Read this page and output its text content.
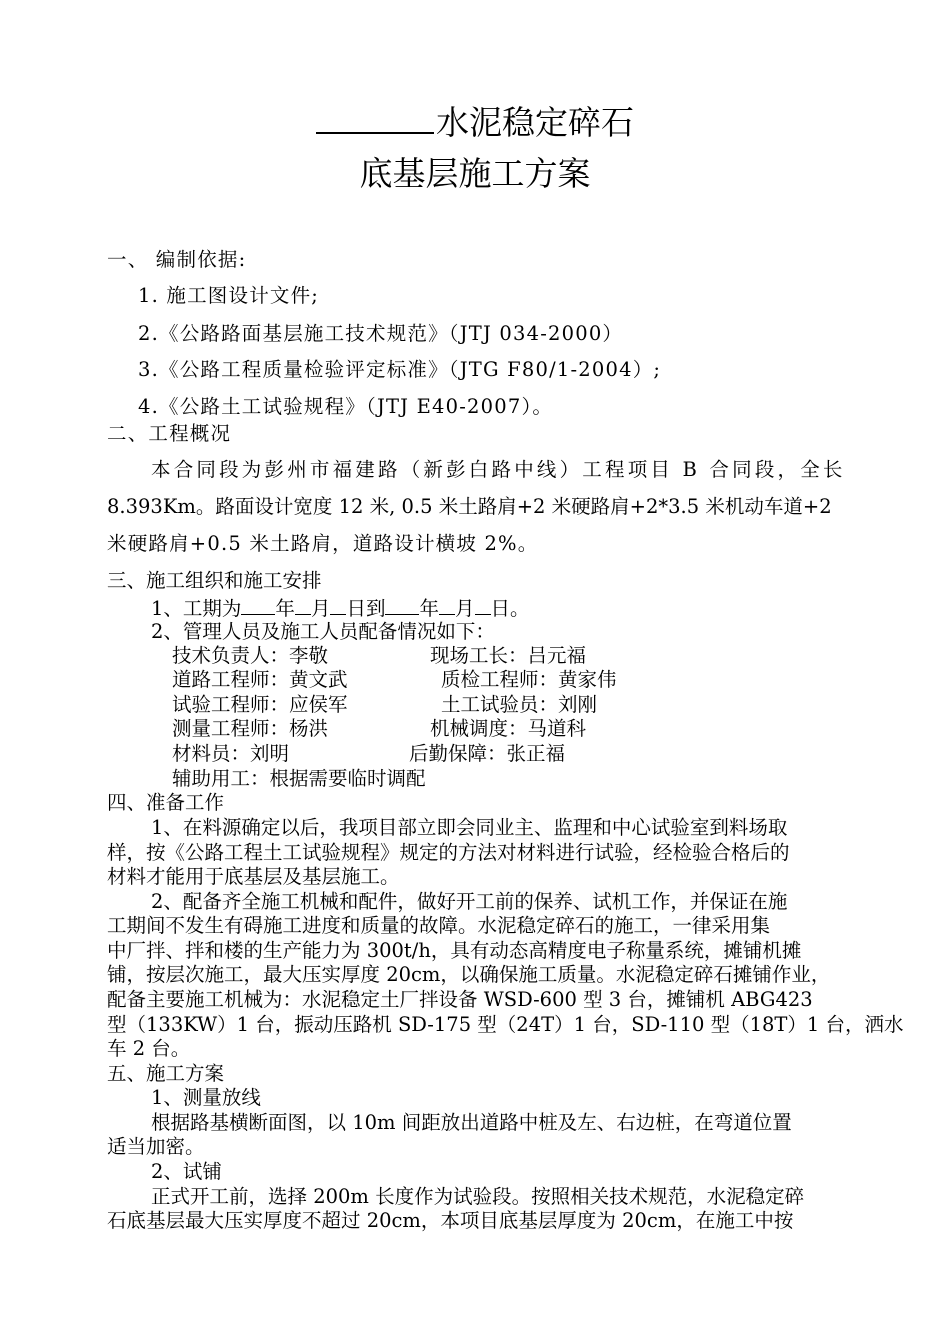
水泥稳定碎石
底基层施工方案
一、 编制依据:
1. 施工图设计文件;
2.《公路路面基层施工技术规范》（JTJ 034-2000）
3.《公路工程质量检验评定标准》（JTG F80/1-2004）;
4.《公路土工试验规程》（JTJ E40-2007）。
二、工程概况
本合同段为彭州市福建路（新彭白路中线）工程项目 B 合同段，全长
8.393Km。路面设计宽度 12 米, 0.5 米土路肩+2 米硬路肩+2*3.5 米机动车道+2
米硬路肩+0.5 米土路肩，道路设计横坡 2%。
三、施工组织和施工安排
1、工期为 年 月 日到 年 月 日。
2、管理人员及施工人员配备情况如下：
技术负责人：李敬	现场工长：吕元福
道路工程师：黄文武	质检工程师：黄家伟
试验工程师：应侯军	土工试验员：刘刚
测量工程师：杨洪	机械调度：马道科
材料员：刘明	后勤保障：张正福
辅助用工：根据需要临时调配
四、准备工作
1、在料源确定以后，我项目部立即会同业主、监理和中心试验室到料场取
样，按《公路工程土工试验规程》规定的方法对材料进行试验，经检验合格后的
材料才能用于底基层及基层施工。
2、配备齐全施工机械和配件，做好开工前的保养、试机工作，并保证在施
工期间不发生有碍施工进度和质量的故障。水泥稳定碎石的施工，一律采用集
中厂拌、拌和楼的生产能力为 300t/h，具有动态高精度电子称量系统，摊铺机摊
铺，按层次施工，最大压实厚度 20cm，以确保施工质量。水泥稳定碎石摊铺作业，
配备主要施工机械为：水泥稳定土厂拌设备 WSD-600 型 3 台，摊铺机 ABG423
型（133KW）1 台，振动压路机 SD-175 型（24T）1 台，SD-110 型（18T）1 台，洒水
车 2 台。
五、施工方案
1、测量放线
根据路基横断面图，以 10m 间距放出道路中桩及左、右边桩，在弯道位置
适当加密。
2、试铺
正式开工前，选择 200m 长度作为试验段。按照相关技术规范，水泥稳定碎
石底基层最大压实厚度不超过 20cm，本项目底基层厚度为 20cm，在施工中按
